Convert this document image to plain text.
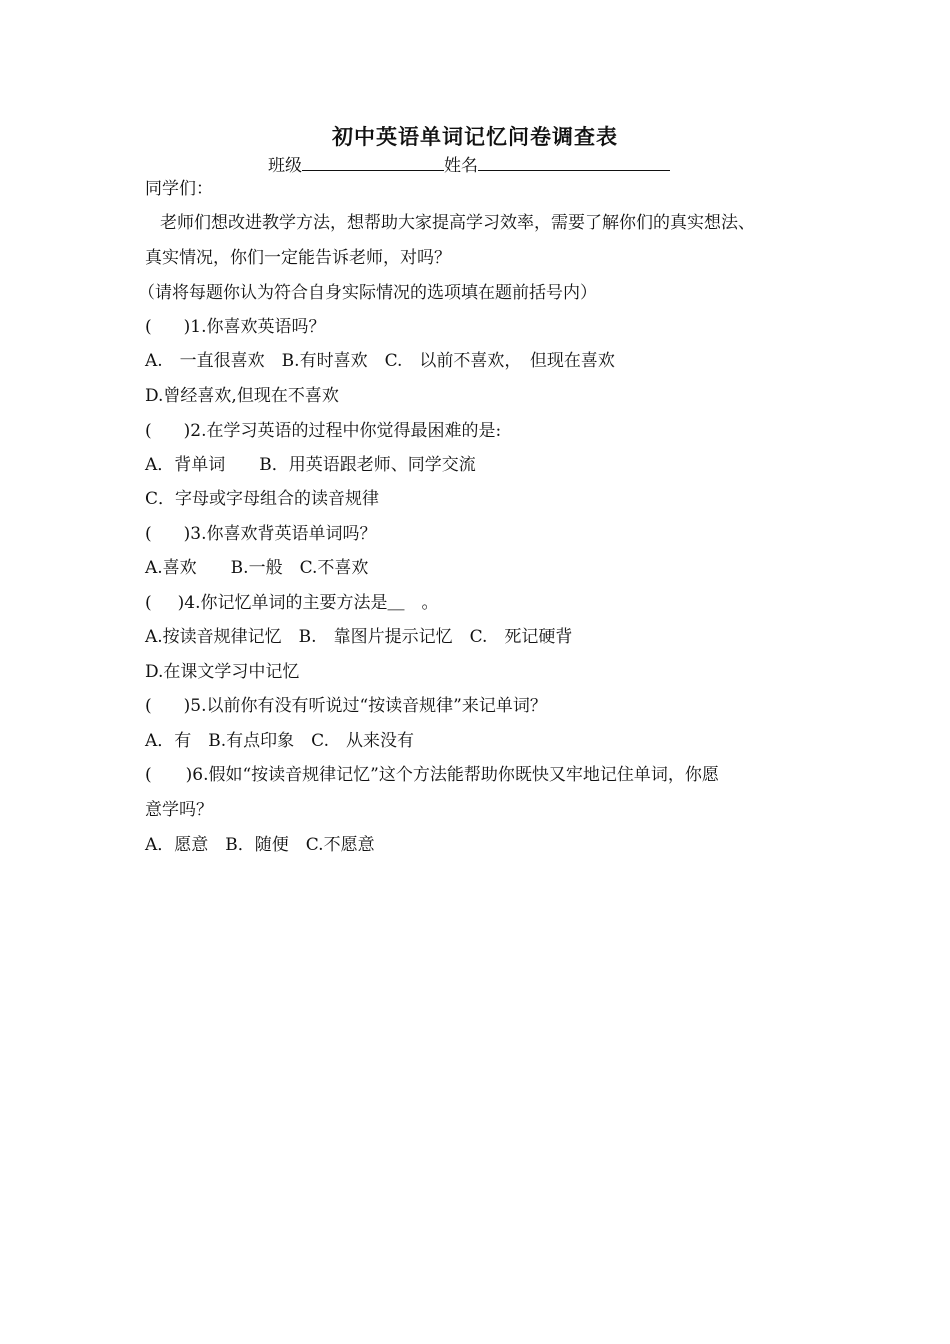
初中英语单词记忆问卷调查表
班级	姓名
同学们：
老师们想改进教学方法，想帮助大家提高学习效率，需要了解你们的真实想法、
真实情况，你们一定能告诉老师，对吗？
（请将每题你认为符合自身实际情况的选项填在题前括号内）
( )1.你喜欢英语吗？
A.　一直很喜欢　B.有时喜欢　C.　以前不喜欢，　但现在喜欢
D.曾经喜欢,但现在不喜欢
( )2.在学习英语的过程中你觉得最困难的是:
A．背单词　　B．用英语跟老师、同学交流
C．字母或字母组合的读音规律
( )3.你喜欢背英语单词吗？
A.喜欢　　B.一般　C.不喜欢
( )4.你记忆单词的主要方法是＿　。
A.按读音规律记忆　B.　靠图片提示记忆　C.　死记硬背
D.在课文学习中记忆
( )5.以前你有没有听说过“按读音规律”来记单词？
A．有　B.有点印象　C.　从来没有
( )6.假如“按读音规律记忆”这个方法能帮助你既快又牢地记住单词，你愿
意学吗？
A．愿意　B．随便　C.不愿意
